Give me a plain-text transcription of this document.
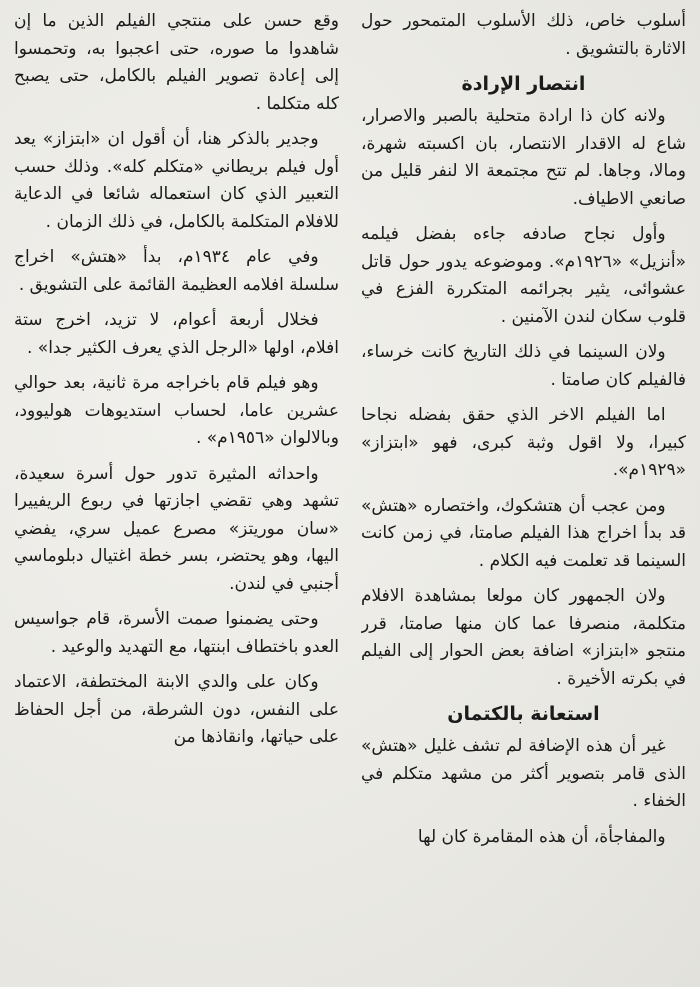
أسلوب خاص، ذلك الأسلوب المتمحور حول الاثارة بالتشويق .

انتصار الإرادة

ولانه كان ذا ارادة متحلية بالصبر والاصرار، شاع له الاقدار الانتصار، بان اكسبته شهرة، ومالا، وجاها. لم تتح مجتمعة الا لنفر قليل من صانعي الاطياف.

وأول نجاح صادفه جاءه بفضل فيلمه «أنزيل» «١٩٢٦م». وموضوعه يدور حول قاتل عشوائى، يثير بجرائمه المتكررة الفزع في قلوب سكان لندن الآمنين .

ولان السينما في ذلك التاريخ كانت خرساء، فالفيلم كان صامتا .

اما الفيلم الاخر الذي حقق بفضله نجاحا كبيرا، ولا اقول وثبة كبرى، فهو «ابتزاز» «١٩٢٩م».

ومن عجب أن هتشكوك، واختصاره «هتش» قد بدأ اخراج هذا الفيلم صامتا، في زمن كانت السينما قد تعلمت فيه الكلام .

ولان الجمهور كان مولعا بمشاهدة الافلام متكلمة، منصرفا عما كان منها صامتا، قرر منتجو «ابتزاز» اضافة بعض الحوار إلى الفيلم في بكرته الأخيرة .

استعانة بالكتمان

غير أن هذه الإضافة لم تشف غليل «هتش» الذى قامر بتصوير أكثر من مشهد متكلم في الخفاء .

والمفاجأة، أن هذه المقامرة كان لها

وقع حسن على منتجي الفيلم الذين ما إن شاهدوا ما صوره، حتى اعجبوا به، وتحمسوا إلى إعادة تصوير الفيلم بالكامل، حتى يصبح كله متكلما .

وجدير بالذكر هنا، أن أقول ان «ابتزاز» يعد أول فيلم بريطاني «متكلم كله». وذلك حسب التعبير الذي كان استعماله شائعا في الدعاية للافلام المتكلمة بالكامل، في ذلك الزمان .

وفي عام ١٩٣٤م، بدأ «هتش» اخراج سلسلة افلامه العظيمة القائمة على التشويق .

فخلال أربعة أعوام، لا تزيد، اخرج ستة افلام، اولها «الرجل الذي يعرف الكثير جدا» .

وهو فيلم قام باخراجه مرة ثانية، بعد حوالي عشرين عاما، لحساب استديوهات هوليوود، وبالالوان «١٩٥٦م» .

واحداثه المثيرة تدور حول أسرة سعيدة، تشهد وهي تقضي اجازتها في ربوع الريفييرا «سان موريتز» مصرع عميل سري، يفضي اليها، وهو يحتضر، بسر خطة اغتيال دبلوماسي أجنبي في لندن.

وحتى يضمنوا صمت الأسرة، قام جواسيس العدو باختطاف ابنتها، مع التهديد والوعيد .

وكان على والدي الابنة المختطفة، الاعتماد على النفس، دون الشرطة، من أجل الحفاظ على حياتها، وانقاذها من
